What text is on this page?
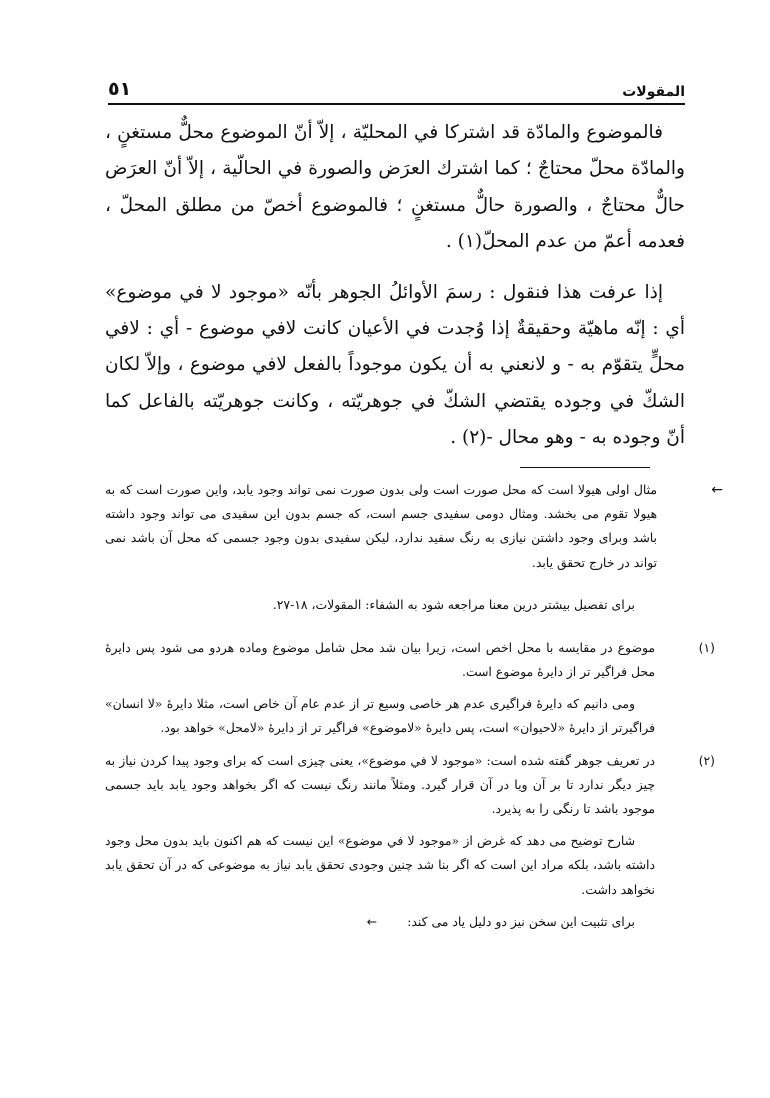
المقولات
٥١

فالموضوع والمادّة قد اشتركا في المحليّة ، إلاّ أنّ الموضوع محلٌّ مستغنٍ ، والمادّة محلّ محتاجٌ ؛ كما اشترك العرَض والصورة في الحالّية ، إلاّ أنّ العرَض حالٌّ محتاجٌ ، والصورة حالٌّ مستغنٍ ؛ فالموضوع أخصّ من مطلق المحلّ ، فعدمه أعمّ من عدم المحلّ(١) .

إذا عرفت هذا فنقول : رسمَ الأوائلُ الجوهر بأنّه «موجود لا في موضوع» أي : إنّه ماهيّة وحقيقةٌ إذا وُجدت في الأعيان كانت لافي موضوع - أي : لافي محلٍّ يتقوّم به - و لانعني به أن يكون موجوداً بالفعل لافي موضوع ، وإلاّ لكان الشكّ في وجوده يقتضي الشكّ في جوهريّته ، وكانت جوهريّته بالفاعل كما أنّ وجوده به - وهو محال -(٢) .

←

مثال اولی هیولا است که محل صورت است ولی بدون صورت نمی تواند وجود یابد، واین صورت است که به هیولا تقوم می بخشد. ومثال دومی سفیدی جسم است، که جسم بدون این سفیدی می تواند وجود داشته باشد وبرای وجود داشتن نیازی به رنگ سفید ندارد، لیکن سفیدی بدون وجود جسمی که محل آن باشد نمی تواند در خارج تحقق یابد.

برای تفصیل بیشتر درین معنا مراجعه شود به الشفاء: المقولات، ١٨-٢٧.

(١)موضوع در مقایسه با محل اخص است، زیرا بیان شد محل شامل موضوع وماده هردو می شود پس دایرهٔ محل فراگیر تر از دایرهٔ موضوع است.

ومی دانیم که دایرهٔ فراگیری عدم هر خاصی وسیع تر از عدم عام آن خاص است، مثلا دایرهٔ «لا انسان» فراگیرتر از دایرهٔ «لاحیوان» است، پس دایرهٔ «لاموضوع» فراگیر تر از دایرهٔ «لامحل» خواهد بود.

(٢)در تعریف جوهر گفته شده است: «موجود لا في موضوع»، یعنی چیزی است که برای وجود پیدا کردن نیاز به چیز دیگر ندارد تا بر آن ویا در آن قرار گیرد. ومثلاً مانند رنگ نیست که اگر بخواهد وجود یابد باید جسمی موجود باشد تا رنگی را به پذیرد.

شارح توضیح می دهد که غرض از «موجود لا في موضوع» این نیست که هم اکنون باید بدون محل وجود داشته باشد، بلکه مراد این است که اگر بنا شد چنین وجودی تحقق یابد نیاز به موضوعی که در آن تحقق یابد نخواهد داشت.

برای تثبیت این سخن نیز دو دلیل یاد می کند:←
